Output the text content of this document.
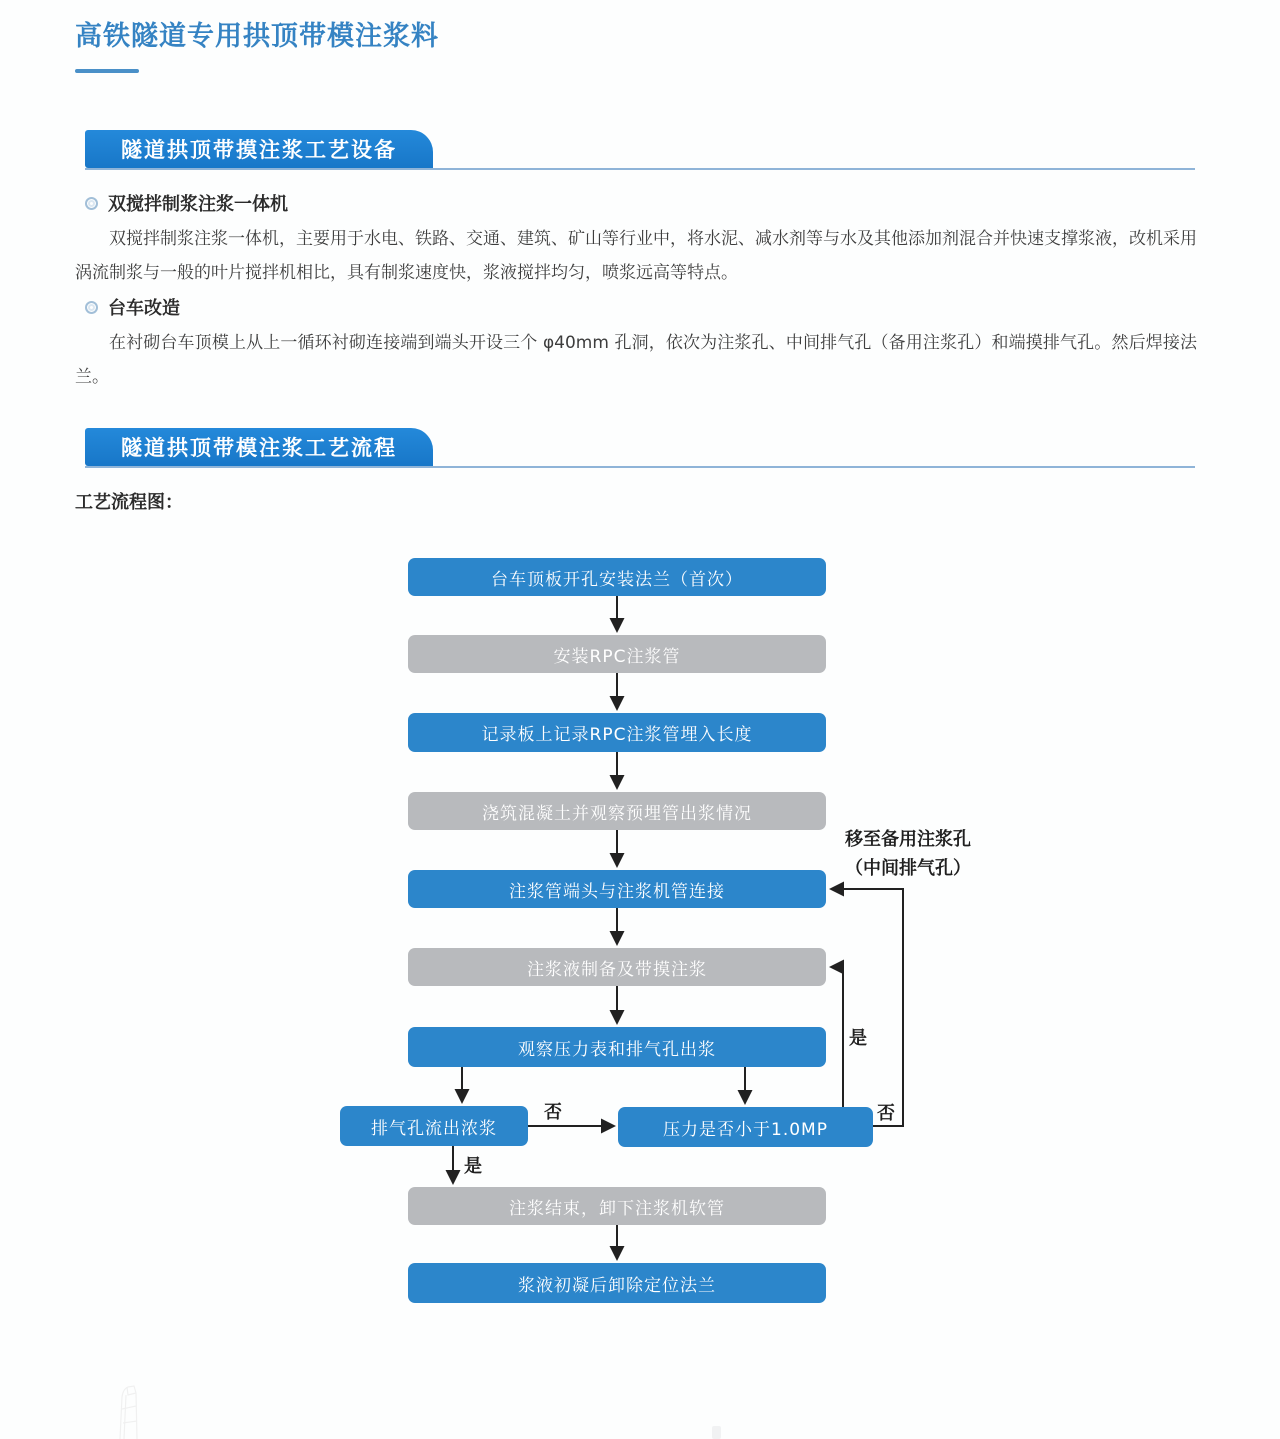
高铁隧道专用拱顶带模注浆料
隧道拱顶带摸注浆工艺设备
双搅拌制浆注浆一体机

双搅拌制浆注浆一体机，主要用于水电、铁路、交通、建筑、矿山等行业中，将水泥、减水剂等与水及其他添加剂混合并快速支撑浆液，改机采用涡流制浆与一般的叶片搅拌机相比，具有制浆速度快，浆液搅拌均匀，喷浆远高等特点。

台车改造

在衬砌台车顶模上从上一循环衬砌连接端到端头开设三个 φ40mm 孔洞，依次为注浆孔、中间排气孔（备用注浆孔）和端摸排气孔。然后焊接法兰。

隧道拱顶带模注浆工艺流程
工艺流程图：
台车顶板开孔安装法兰（首次）
安装RPC注浆管
记录板上记录RPC注浆管埋入长度
浇筑混凝土并观察预埋管出浆情况
注浆管端头与注浆机管连接
注浆液制备及带摸注浆
观察压力表和排气孔出浆
排气孔流出浓浆	压力是否小于1.0MP
注浆结束，卸下注浆机软管
浆液初凝后卸除定位法兰
否
是
是
否
移至备用注浆孔
（中间排气孔）
